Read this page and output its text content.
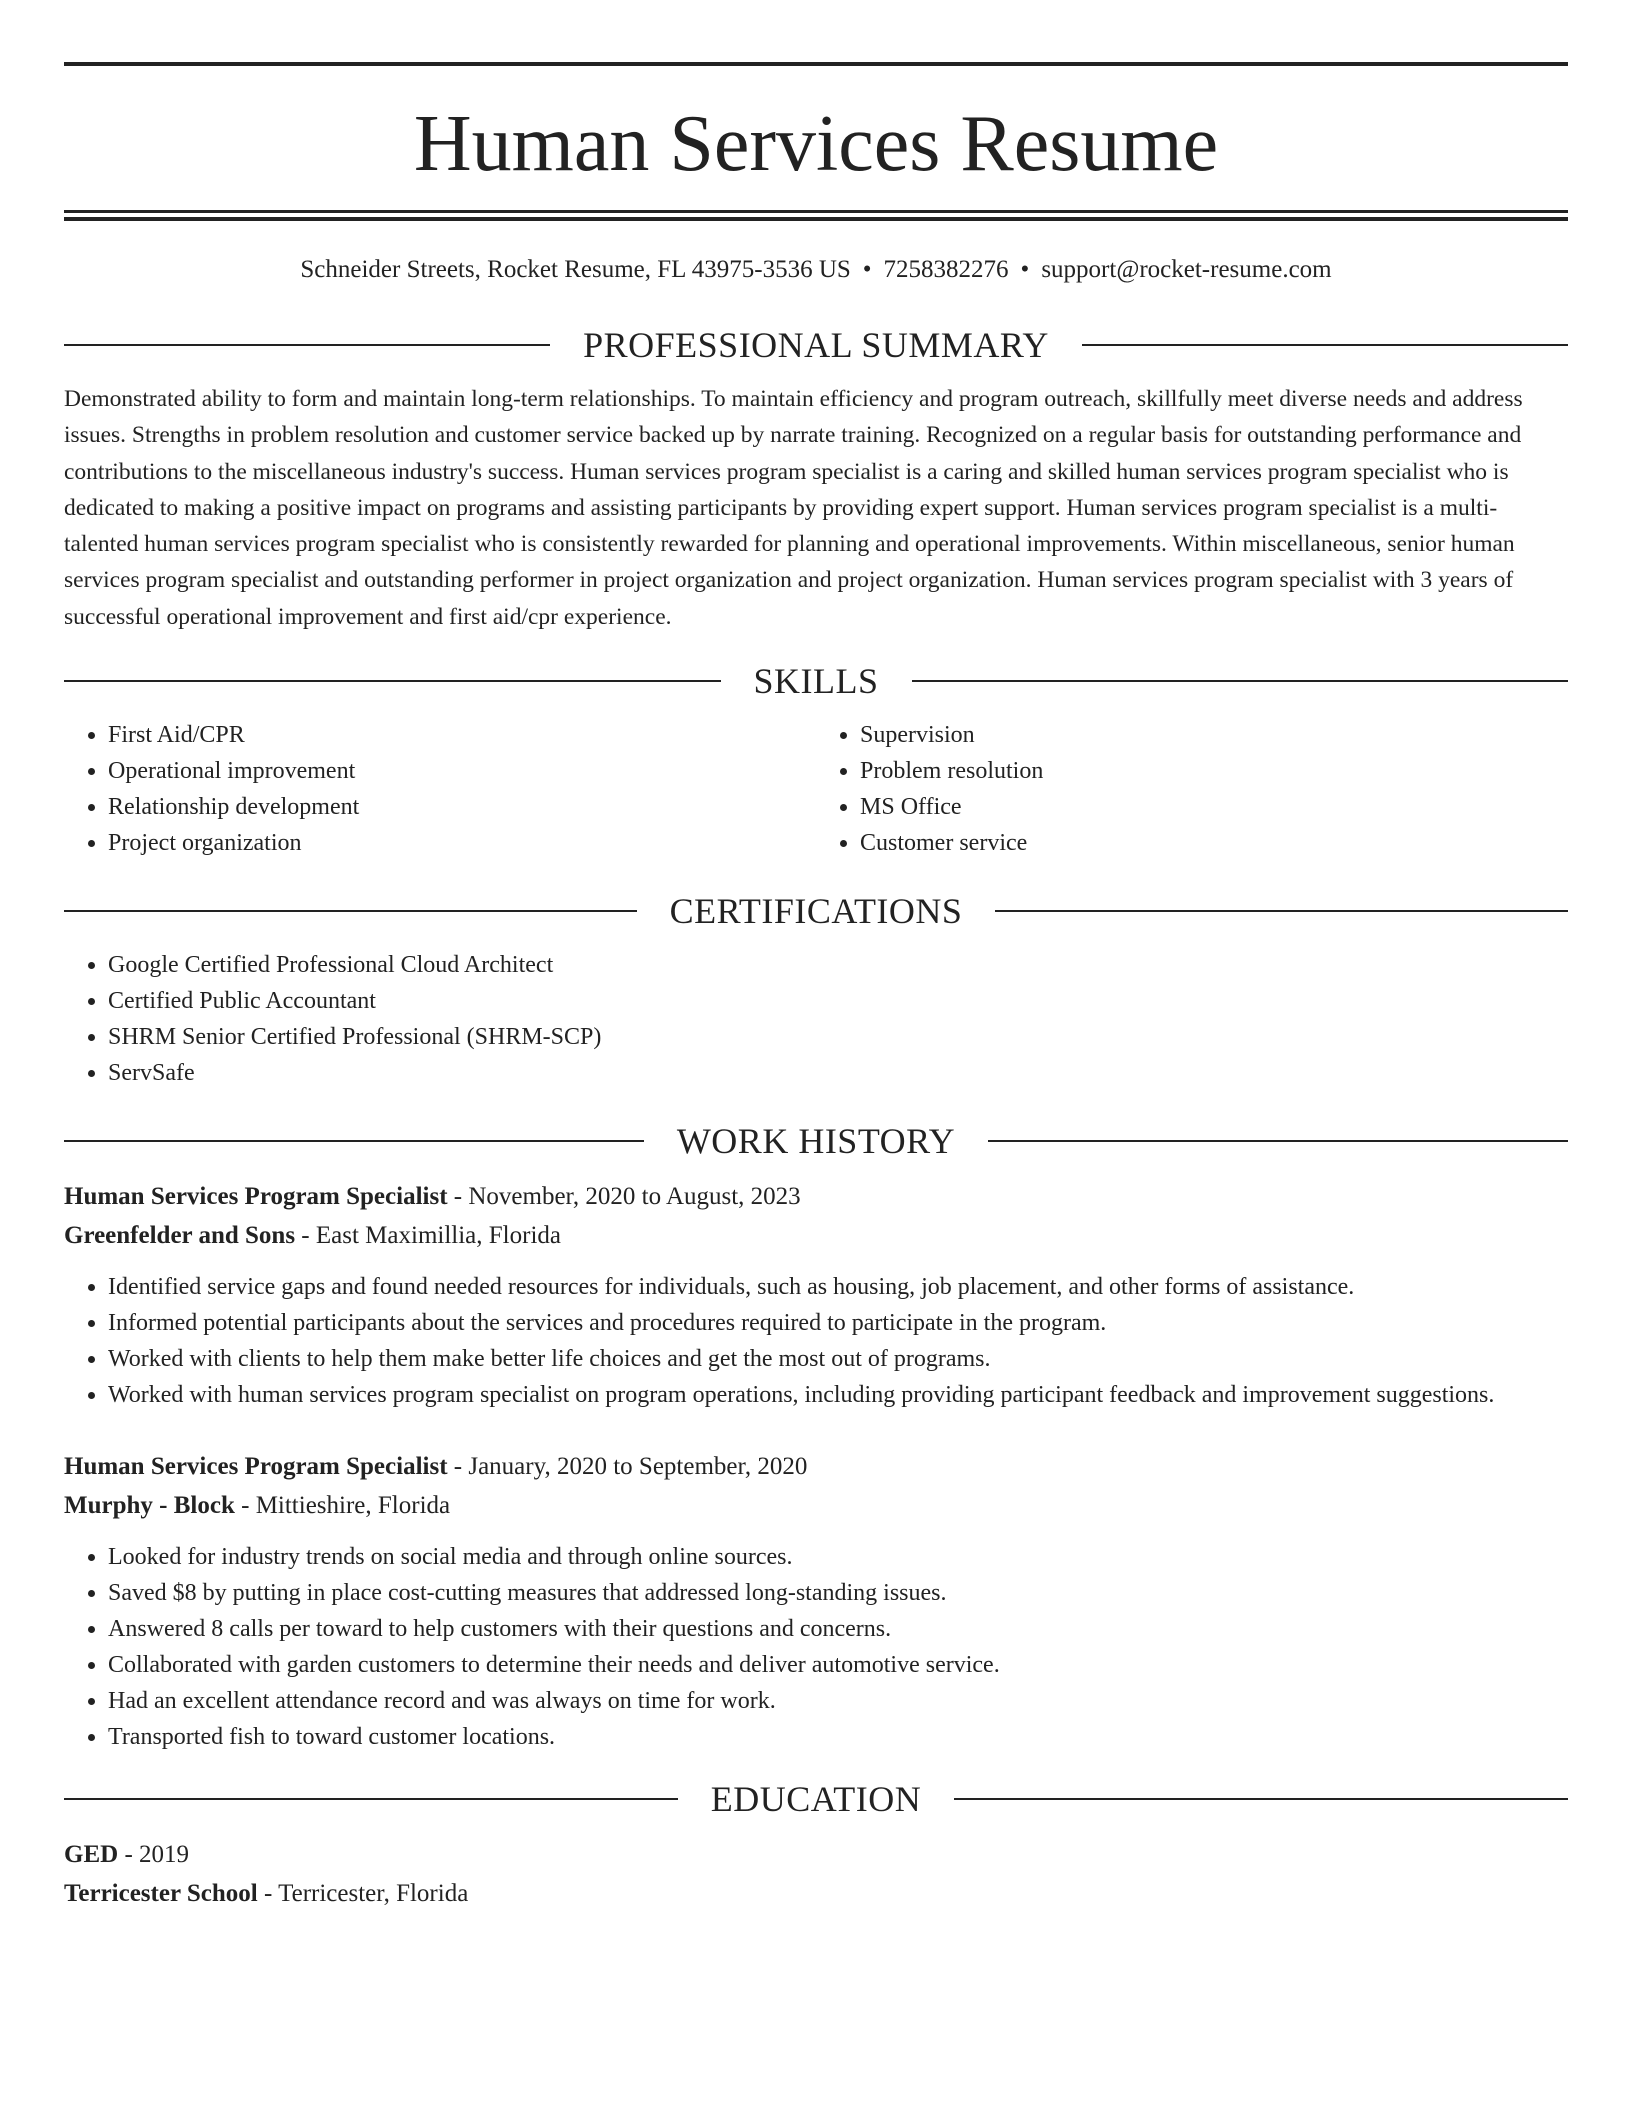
Human Services Resume
Schneider Streets, Rocket Resume, FL 43975-3536 US • 7258382276 • support@rocket-resume.com
PROFESSIONAL SUMMARY

Demonstrated ability to form and maintain long-term relationships. To maintain efficiency and program outreach, skillfully meet diverse needs and address issues. Strengths in problem resolution and customer service backed up by narrate training. Recognized on a regular basis for outstanding performance and contributions to the miscellaneous industry's success. Human services program specialist is a caring and skilled human services program specialist who is dedicated to making a positive impact on programs and assisting participants by providing expert support. Human services program specialist is a multi-talented human services program specialist who is consistently rewarded for planning and operational improvements. Within miscellaneous, senior human services program specialist and outstanding performer in project organization and project organization. Human services program specialist with 3 years of successful operational improvement and first aid/cpr experience.

SKILLS
• First Aid/CPR
• Operational improvement
• Relationship development
• Project organization
• Supervision
• Problem resolution
• MS Office
• Customer service
CERTIFICATIONS
• Google Certified Professional Cloud Architect
• Certified Public Accountant
• SHRM Senior Certified Professional (SHRM-SCP)
• ServSafe
WORK HISTORY
Human Services Program Specialist - November, 2020 to August, 2023
Greenfelder and Sons - East Maximillia, Florida
• Identified service gaps and found needed resources for individuals, such as housing, job placement, and other forms of assistance.
• Informed potential participants about the services and procedures required to participate in the program.
• Worked with clients to help them make better life choices and get the most out of programs.
• Worked with human services program specialist on program operations, including providing participant feedback and improvement suggestions.
Human Services Program Specialist - January, 2020 to September, 2020
Murphy - Block - Mittieshire, Florida
• Looked for industry trends on social media and through online sources.
• Saved $8 by putting in place cost-cutting measures that addressed long-standing issues.
• Answered 8 calls per toward to help customers with their questions and concerns.
• Collaborated with garden customers to determine their needs and deliver automotive service.
• Had an excellent attendance record and was always on time for work.
• Transported fish to toward customer locations.
EDUCATION
GED - 2019
Terricester School - Terricester, Florida
